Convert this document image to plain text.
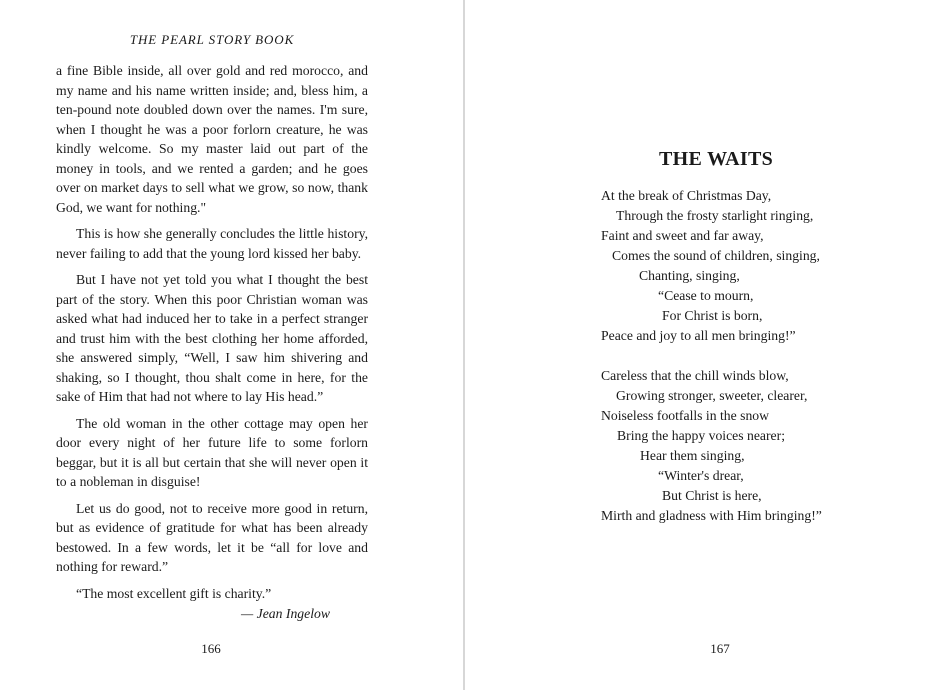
THE PEARL STORY BOOK

a fine Bible inside, all over gold and red morocco, and my name and his name written inside; and, bless him, a ten-pound note doubled down over the names. I'm sure, when I thought he was a poor forlorn creature, he was kindly welcome. So my master laid out part of the money in tools, and we rented a garden; and he goes over on market days to sell what we grow, so now, thank God, we want for nothing."

This is how she generally concludes the little history, never failing to add that the young lord kissed her baby.

But I have not yet told you what I thought the best part of the story. When this poor Christian woman was asked what had induced her to take in a perfect stranger and trust him with the best clothing her home afforded, she answered simply, “Well, I saw him shivering and shaking, so I thought, thou shalt come in here, for the sake of Him that had not where to lay His head.”

The old woman in the other cottage may open her door every night of her future life to some forlorn beggar, but it is all but certain that she will never open it to a nobleman in disguise!

Let us do good, not to receive more good in return, but as evidence of gratitude for what has been already bestowed. In a few words, let it be “all for love and nothing for reward.”

“The most excellent gift is charity.”

— Jean Ingelow
166
THE WAITS
At the break of Christmas Day,
Through the frosty starlight ringing,
Faint and sweet and far away,
Comes the sound of children, singing,
Chanting, singing,
“Cease to mourn,
For Christ is born,
Peace and joy to all men bringing!”
Careless that the chill winds blow,
Growing stronger, sweeter, clearer,
Noiseless footfalls in the snow
Bring the happy voices nearer;
Hear them singing,
“Winter's drear,
But Christ is here,
Mirth and gladness with Him bringing!”
167
